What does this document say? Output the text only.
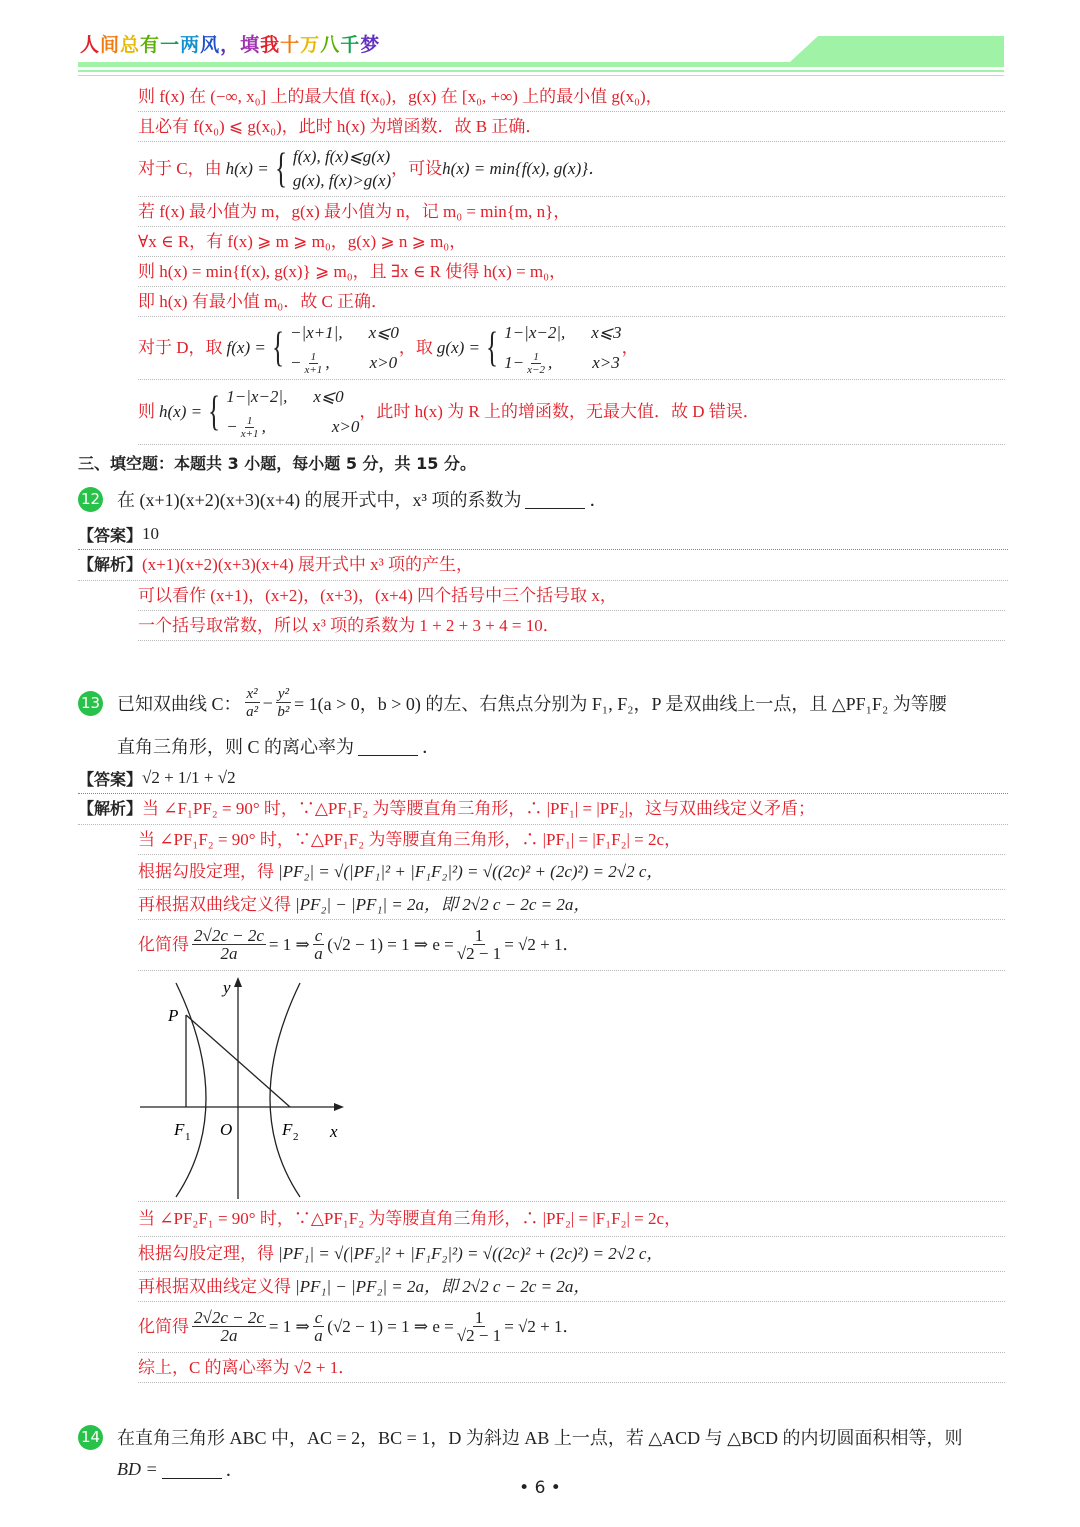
人间总有一两风，填我十万八千梦
则 f(x) 在 (−∞, x₀] 上的最大值 f(x₀)，g(x) 在 [x₀, +∞) 上的最小值 g(x₀)，
且必有 f(x₀) ⩽ g(x₀)，此时 h(x) 为增函数．故 B 正确．
对于 C，由 h(x) = { f(x), f(x)⩽g(x)
g(x), f(x)>g(x)
，可设 h(x) = min{f(x), g(x)}．
若 f(x) 最小值为 m，g(x) 最小值为 n，记 m₀ = min{m, n}，
∀x ∈ R，有 f(x) ⩾ m ⩾ m₀，g(x) ⩾ n ⩾ m₀，
则 h(x) = min{f(x), g(x)} ⩾ m₀，且 ∃x ∈ R 使得 h(x) = m₀，
即 h(x) 有最小值 m₀．故 C 正确．
对于 D，取 f(x) = { −|x+1|, x⩽0
− $\frac{1}{x+1}$ , x>0
，取 g(x) = { 1−|x−2|, x⩽3
$1- \frac{1}{x-2}$ , x>3
，
则 h(x) = { 1−|x−2|, x⩽0
− $\frac{1}{x+1}$ ,	x>0
，此时 h(x) 为 R 上的增函数，无最大值．故 D 错误．
三、填空题：本题共 3 小题，每小题 5 分，共 15 分。
12 在 (x+1)(x+2)(x+3)(x+4) 的展开式中，x³ 项的系数为	．
【答案】 10
【解析】 (x+1)(x+2)(x+3)(x+4) 展开式中 x³ 项的产生，
可以看作 (x+1)，(x+2)，(x+3)，(x+4) 四个括号中三个括号取 x，
一个括号取常数，所以 x³ 项的系数为 1 + 2 + 3 + 4 = 10．
13 已知双曲线 C： $\frac{\text{x²}}{\text{a²}} - \frac{\text{y²}}{\text{b²}} = 1(a > 0$，b > 0) 的左、右焦点分别为 F₁, F₂，P 是双曲线上一点，且 △PF₁F₂ 为等腰
直角三角形，则 C 的离心率为	．
【答案】 √2 + 1/1 + √2
【解析】 当 ∠F₁PF₂ = 90° 时，∵△PF₁F₂ 为等腰直角三角形，∴ |PF₁| = |PF₂|，这与双曲线定义矛盾；
当 ∠PF₁F₂ = 90° 时，∵△PF₁F₂ 为等腰直角三角形，∴ |PF₁| = |F₁F₂| = 2c，
根据勾股定理，得 |PF₂| = √(|PF₁|² + |F₁F₂|²) = √((2c)² + (2c)²) = 2√2 c，
再根据双曲线定义得 |PF₂| − |PF₁| = 2a，即 2√2 c − 2c = 2a，
化简得 $\frac{2√2c - 2c}{2a} = 1$ ⇒ $\frac{c}{a} (√2 - 1) = 1$ ⇒ $e = \frac{1}{√2 - 1} = √2 + 1$．
y
x
P
F 1 O	F 2
当 ∠PF₂F₁ = 90° 时，∵△PF₁F₂ 为等腰直角三角形，∴ |PF₂| = |F₁F₂| = 2c，
根据勾股定理，得 |PF₁| = √(|PF₂|² + |F₁F₂|²) = √((2c)² + (2c)²) = 2√2 c，
再根据双曲线定义得 |PF₁| − |PF₂| = 2a，即 2√2 c − 2c = 2a，
化简得 $\frac{2√2c - 2c}{2a} = 1$ ⇒ $\frac{c}{a} (√2 - 1) = 1$ ⇒ $e = \frac{1}{√2 - 1} = √2 + 1$．
综上，C 的离心率为 √2 + 1．
14 在直角三角形 ABC 中，AC = 2，BC = 1，D 为斜边 AB 上一点，若 △ACD 与 △BCD 的内切圆面积相等，则
BD =	．
• 6 •
